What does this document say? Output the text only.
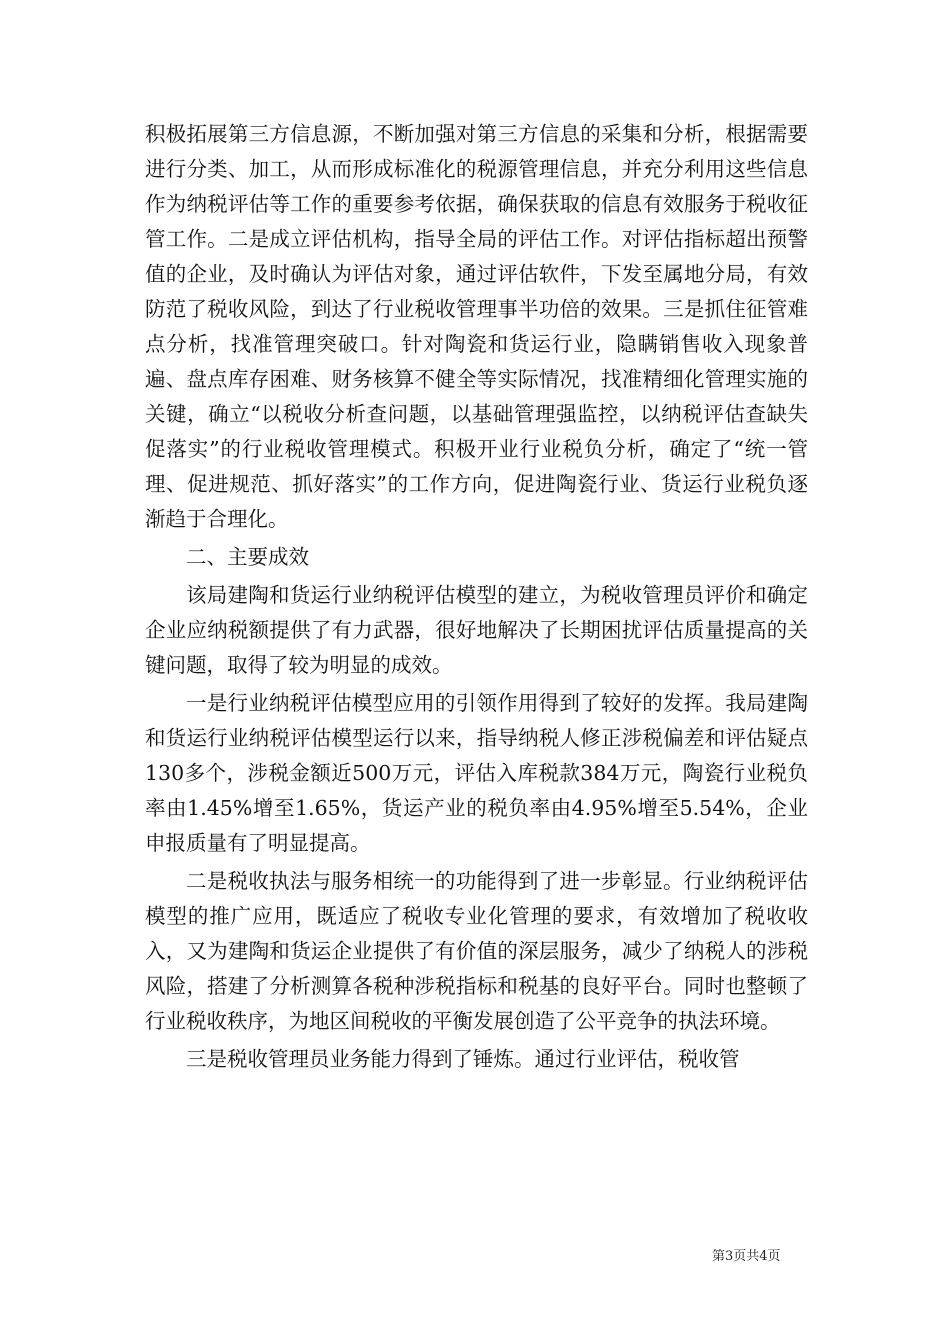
积极拓展第三方信息源，不断加强对第三方信息的采集和分析，根据需要进行分类、加工，从而形成标准化的税源管理信息，并充分利用这些信息作为纳税评估等工作的重要参考依据，确保获取的信息有效服务于税收征管工作。二是成立评估机构，指导全局的评估工作。对评估指标超出预警值的企业，及时确认为评估对象，通过评估软件，下发至属地分局，有效防范了税收风险，到达了行业税收管理事半功倍的效果。三是抓住征管难点分析，找准管理突破口。针对陶瓷和货运行业，隐瞒销售收入现象普遍、盘点库存困难、财务核算不健全等实际情况，找准精细化管理实施的关键，确立“以税收分析查问题，以基础管理强监控，以纳税评估查缺失促落实”的行业税收管理模式。积极开业行业税负分析，确定了“统一管理、促进规范、抓好落实”的工作方向，促进陶瓷行业、货运行业税负逐渐趋于合理化。

二、主要成效

该局建陶和货运行业纳税评估模型的建立，为税收管理员评价和确定企业应纳税额提供了有力武器，很好地解决了长期困扰评估质量提高的关键问题，取得了较为明显的成效。

一是行业纳税评估模型应用的引领作用得到了较好的发挥。我局建陶和货运行业纳税评估模型运行以来，指导纳税人修正涉税偏差和评估疑点130多个，涉税金额近500万元，评估入库税款384万元，陶瓷行业税负率由1.45%增至1.65%，货运产业的税负率由4.95%增至5.54%，企业申报质量有了明显提高。

二是税收执法与服务相统一的功能得到了进一步彰显。行业纳税评估模型的推广应用，既适应了税收专业化管理的要求，有效增加了税收收入，又为建陶和货运企业提供了有价值的深层服务，减少了纳税人的涉税风险，搭建了分析测算各税种涉税指标和税基的良好平台。同时也整顿了行业税收秩序，为地区间税收的平衡发展创造了公平竞争的执法环境。

三是税收管理员业务能力得到了锤炼。通过行业评估，税收管

第3页共4页
